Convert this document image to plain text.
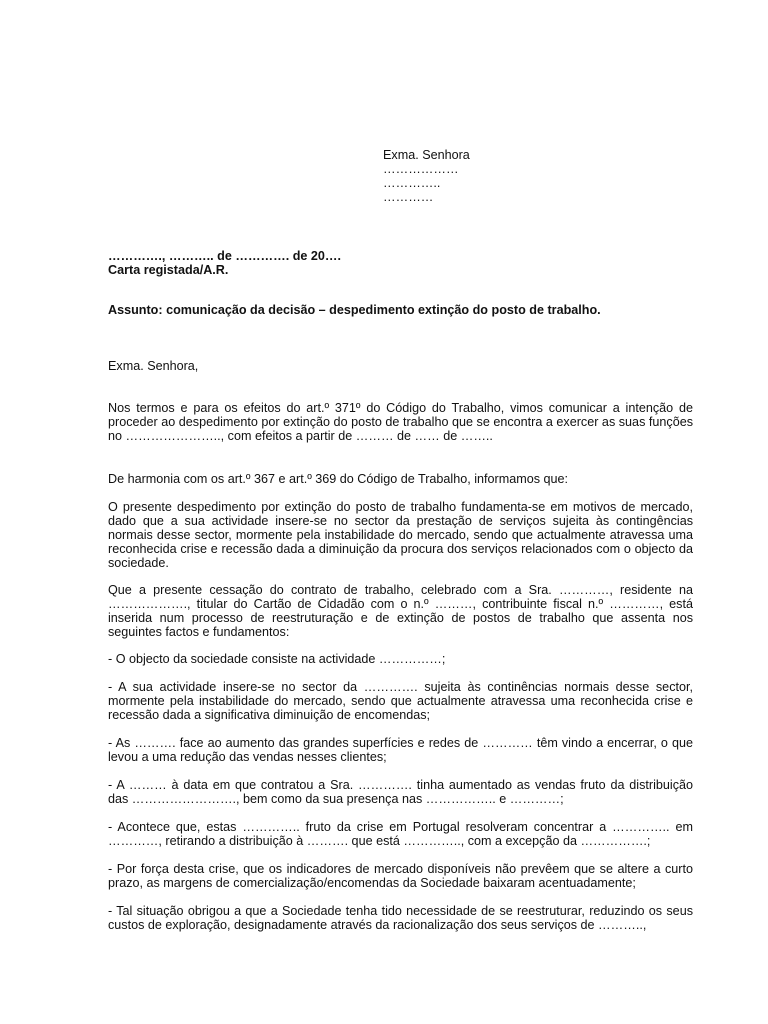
Exma. Senhora
………………
…………..
…………
…………., ……….. de …………. de 20….
Carta registada/A.R.
Assunto: comunicação da decisão – despedimento extinção do posto de trabalho.
Exma. Senhora,

Nos termos e para os efeitos do art.º 371º do Código do Trabalho, vimos comunicar a intenção de proceder ao despedimento por extinção do posto de trabalho que se encontra a exercer as suas funções no ………………….., com efeitos a partir de ……… de …… de ……..

De harmonia com os art.º 367 e art.º 369 do Código de Trabalho, informamos que:

O presente despedimento por extinção do posto de trabalho fundamenta-se em motivos de mercado, dado que a sua actividade insere-se no sector da prestação de serviços sujeita às contingências normais desse sector, mormente pela instabilidade do mercado, sendo que actualmente atravessa uma reconhecida crise e recessão dada a diminuição da procura dos serviços relacionados com o objecto da sociedade.

Que a presente cessação do contrato de trabalho, celebrado com a Sra. …………, residente na ………………., titular do Cartão de Cidadão com o n.º ………, contribuinte fiscal n.º …………, está inserida num processo de reestruturação e de extinção de postos de trabalho que assenta nos seguintes factos e fundamentos:

- O objecto da sociedade consiste na actividade ……………;

- A sua actividade insere-se no sector da …………. sujeita às continências normais desse sector, mormente pela instabilidade do mercado, sendo que actualmente atravessa uma reconhecida crise e recessão dada a significativa diminuição de encomendas;

- As ………. face ao aumento das grandes superfícies e redes de ………… têm vindo a encerrar, o que levou a uma redução das vendas nesses clientes;

- A ……… à data em que contratou a Sra. …………. tinha aumentado as vendas fruto da distribuição das ……………………., bem como da sua presença nas …………….. e …………;

- Acontece que, estas ………….. fruto da crise em Portugal resolveram concentrar a ………….. em …………, retirando a distribuição à ………. que está ………….., com a excepção da …………….;

- Por força desta crise, que os indicadores de mercado disponíveis não prevêem que se altere a curto prazo, as margens de comercialização/encomendas da Sociedade baixaram acentuadamente;

- Tal situação obrigou a que a Sociedade tenha tido necessidade de se reestruturar, reduzindo os seus custos de exploração, designadamente através da racionalização dos seus serviços de ………..,
